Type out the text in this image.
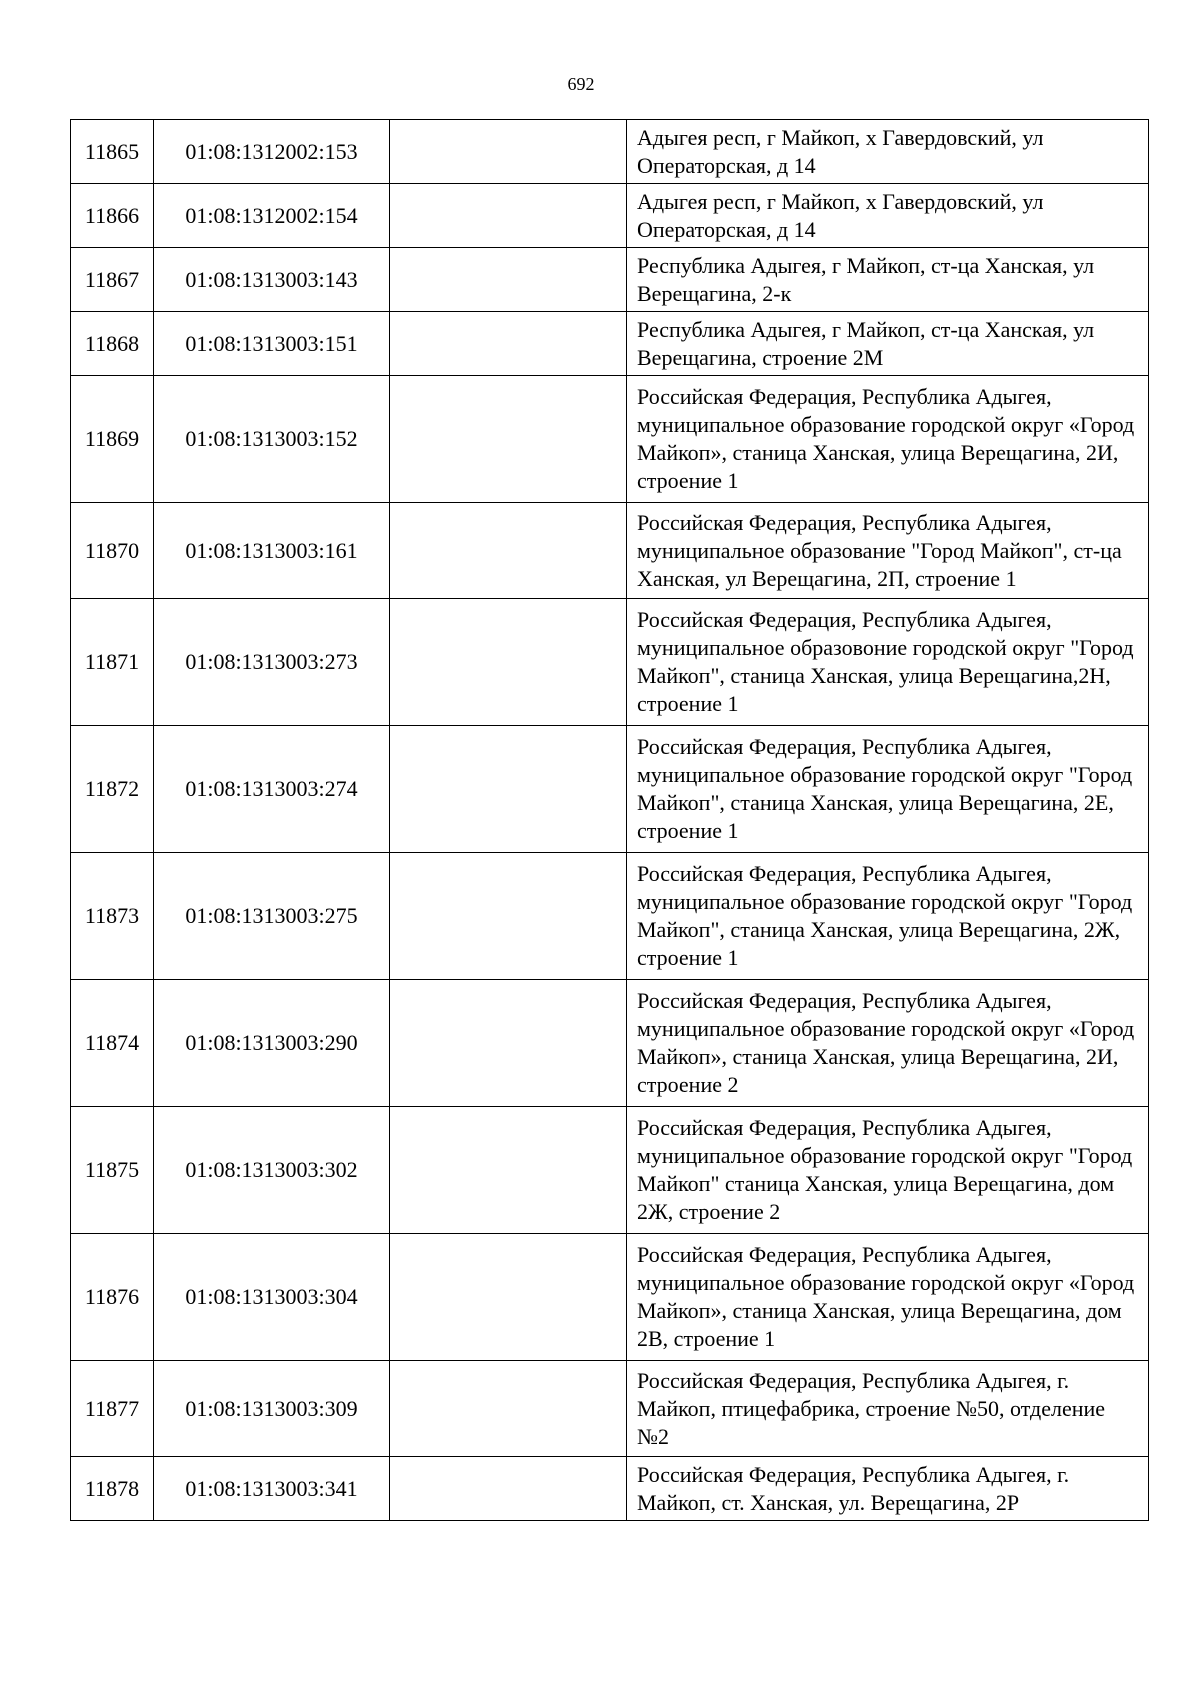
692
11865	01:08:1312002:153		Адыгея респ, г Майкоп, х Гавердовский, ул Операторская, д 14
11866	01:08:1312002:154		Адыгея респ, г Майкоп, х Гавердовский, ул Операторская, д 14
11867	01:08:1313003:143		Республика Адыгея, г Майкоп, ст-ца Ханская, ул Верещагина, 2-к
11868	01:08:1313003:151		Республика Адыгея, г Майкоп, ст-ца Ханская, ул Верещагина, строение 2М
11869	01:08:1313003:152		Российская Федерация, Республика Адыгея, муниципальное образование городской округ «Город Майкоп», станица Ханская, улица Верещагина, 2И, строение 1
11870	01:08:1313003:161		Российская Федерация, Республика Адыгея, муниципальное образование "Город Майкоп", ст-ца Ханская, ул Верещагина, 2П, строение 1
11871	01:08:1313003:273		Российская Федерация, Республика Адыгея, муниципальное образовоние городской округ "Город Майкоп", станица Ханская, улица Верещагина,2Н, строение 1
11872	01:08:1313003:274		Российская Федерация, Республика Адыгея, муниципальное образование городской округ "Город Майкоп", станица Ханская, улица Верещагина, 2Е, строение 1
11873	01:08:1313003:275		Российская Федерация, Республика Адыгея, муниципальное образование городской округ "Город Майкоп", станица Ханская, улица Верещагина, 2Ж, строение 1
11874	01:08:1313003:290		Российская Федерация, Республика Адыгея, муниципальное образование городской округ «Город Майкоп», станица Ханская, улица Верещагина, 2И, строение 2
11875	01:08:1313003:302		Российская Федерация, Республика Адыгея, муниципальное образование городской округ "Город Майкоп" станица Ханская, улица Верещагина, дом 2Ж, строение 2
11876	01:08:1313003:304		Российская Федерация, Республика Адыгея, муниципальное образование городской округ «Город Майкоп», станица Ханская, улица Верещагина, дом 2В, строение 1
11877	01:08:1313003:309		Российская Федерация, Республика Адыгея, г. Майкоп, птицефабрика, строение №50, отделение №2
11878	01:08:1313003:341		Российская Федерация, Республика Адыгея, г. Майкоп, ст. Ханская, ул. Верещагина, 2Р
